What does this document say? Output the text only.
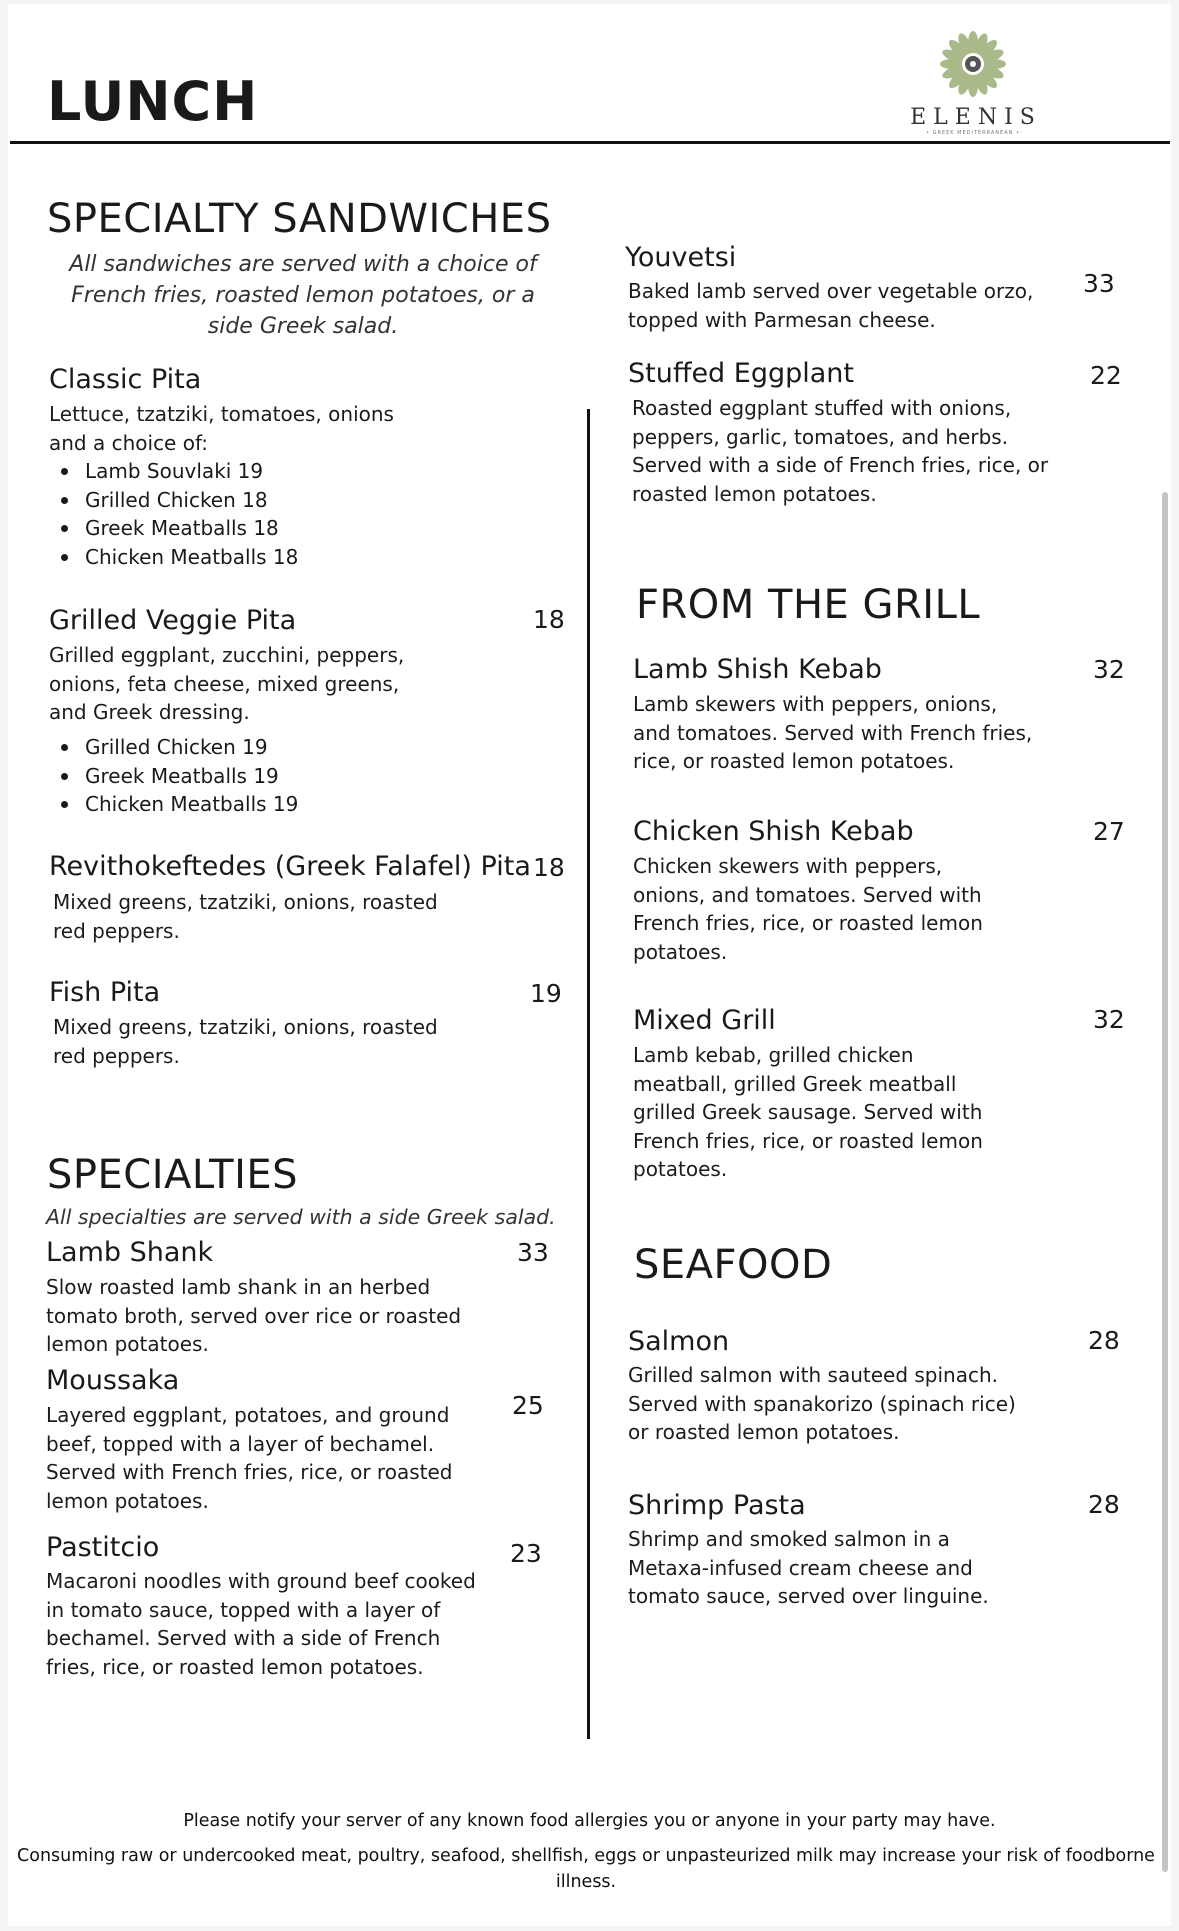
LUNCH	ELENIS
• GREEK MEDITERRANEAN •
SPECIALTY SANDWICHES
All sandwiches are served with a choice of French fries, roasted lemon potatoes, or a side Greek salad.
Classic Pita
Lettuce, tzatziki, tomatoes, onions and a choice of:
Lamb Souvlaki 19
Grilled Chicken 18
Greek Meatballs 18
Chicken Meatballs 18
Grilled Veggie Pita	18
Grilled eggplant, zucchini, peppers, onions, feta cheese, mixed greens, and Greek dressing.
Grilled Chicken 19
Greek Meatballs 19
Chicken Meatballs 19
Revithokeftedes (Greek Falafel) Pita 18
Mixed greens, tzatziki, onions, roasted red peppers.
Fish Pita	19
Mixed greens, tzatziki, onions, roasted red peppers.
SPECIALTIES
All specialties are served with a side Greek salad.
Lamb Shank	33
Slow roasted lamb shank in an herbed tomato broth, served over rice or roasted lemon potatoes.
Moussaka
25
Layered eggplant, potatoes, and ground beef, topped with a layer of bechamel. Served with French fries, rice, or roasted lemon potatoes.
Pastitcio	23
Macaroni noodles with ground beef cooked in tomato sauce, topped with a layer of bechamel. Served with a side of French fries, rice, or roasted lemon potatoes.
Youvetsi
33
Baked lamb served over vegetable orzo, topped with Parmesan cheese.
Stuffed Eggplant	22
Roasted eggplant stuffed with onions, peppers, garlic, tomatoes, and herbs. Served with a side of French fries, rice, or roasted lemon potatoes.
FROM THE GRILL
Lamb Shish Kebab	32
Lamb skewers with peppers, onions, and tomatoes. Served with French fries, rice, or roasted lemon potatoes.
Chicken Shish Kebab	27
Chicken skewers with peppers, onions, and tomatoes. Served with French fries, rice, or roasted lemon potatoes.
Mixed Grill	32
Lamb kebab, grilled chicken meatball, grilled Greek meatball grilled Greek sausage. Served with French fries, rice, or roasted lemon potatoes.
SEAFOOD
Salmon	28
Grilled salmon with sauteed spinach. Served with spanakorizo (spinach rice) or roasted lemon potatoes.
Shrimp Pasta	28
Shrimp and smoked salmon in a Metaxa-infused cream cheese and tomato sauce, served over linguine.
Please notify your server of any known food allergies you or anyone in your party may have.
Consuming raw or undercooked meat, poultry, seafood, shellfish, eggs or unpasteurized milk may increase your risk of foodborne illness.
